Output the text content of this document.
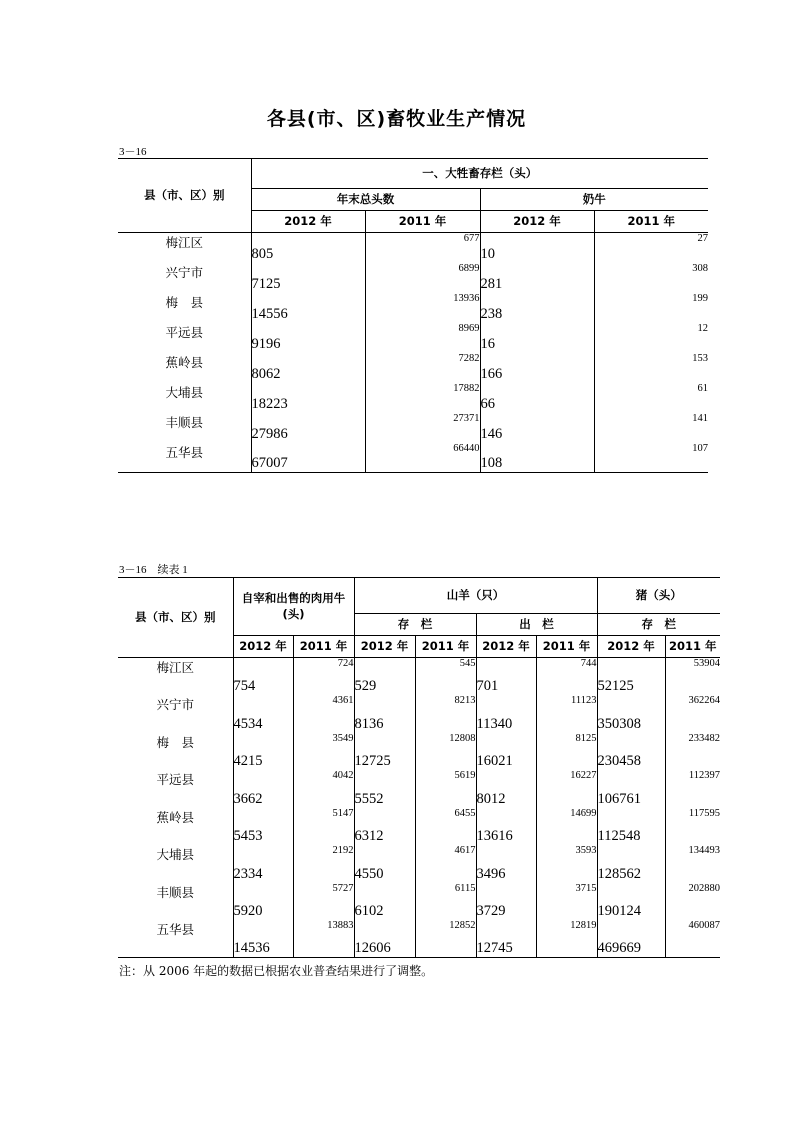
各县(市、区)畜牧业生产情况
3－16
县（市、区）别	一、大牲畜存栏（头）			
	年末总头数		奶牛	
	2012 年	2011 年	2012 年	2011 年
梅江区	805	677	10	27
兴宁市	7125	6899	281	308
梅　县	14556	13936	238	199
平远县	9196	8969	16	12
蕉岭县	8062	7282	166	153
大埔县	18223	17882	66	61
丰顺县	27986	27371	146	141
五华县	67007	66440	108	107
3－16　续表 1
县（市、区）别	自宰和出售的肉用牛(头)		山羊（只）				猪（头）	
			存　栏		出　栏		存　栏	
	2012 年	2011 年	2012 年	2011 年	2012 年	2011 年	2012 年	2011 年
梅江区	754	724	529	545	701	744	52125	53904
兴宁市	4534	4361	8136	8213	11340	11123	350308	362264
梅　县	4215	3549	12725	12808	16021	8125	230458	233482
平远县	3662	4042	5552	5619	8012	16227	106761	112397
蕉岭县	5453	5147	6312	6455	13616	14699	112548	117595
大埔县	2334	2192	4550	4617	3496	3593	128562	134493
丰顺县	5920	5727	6102	6115	3729	3715	190124	202880
五华县	14536	13883	12606	12852	12745	12819	469669	460087
注：从 2006 年起的数据已根据农业普查结果进行了调整。
